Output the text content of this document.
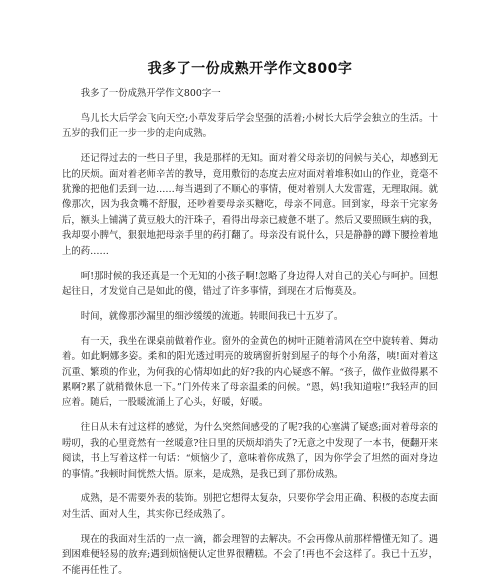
我多了一份成熟开学作文800字

我多了一份成熟开学作文800字一

鸟儿长大后学会飞向天空;小草发芽后学会坚强的活着;小树长大后学会独立的生活。十五岁的我们正一步一步的走向成熟。

还记得过去的一些日子里，我是那样的无知。面对着父母亲切的问候与关心，却感到无比的厌烦。面对着老师辛苦的教导，竟用敷衍的态度去应对面对着堆积如山的作业，竟毫不犹豫的把他们丢到一边……每当遇到了不顺心的事情，便对着别人大发雷霆，无理取闹。就像那次，因为我贪嘴不舒服，还吵着要母亲买糖吃，母亲不同意。回到家，母亲干完家务后，额头上铺满了黄豆般大的汗珠子，看得出母亲已疲惫不堪了。然后又要照顾生病的我，我却耍小脾气，狠狠地把母亲手里的药打翻了。母亲没有说什么，只是静静的蹲下腰捡着地上的药……

呵!那时候的我还真是一个无知的小孩子啊!忽略了身边得人对自己的关心与呵护。回想起往日，才发觉自己是如此的傻，错过了许多事情，到现在才后悔莫及。

时间，就像那沙漏里的细沙缓缓的流逝。转眼间我已十五岁了。

有一天，我坐在课桌前做着作业。窗外的金黄色的树叶正随着清风在空中旋转着、舞动着。如此婀娜多姿。柔和的阳光透过明亮的玻璃窗折射到屋子的每个小角落，咦!面对着这沉重、繁琐的作业，为何我的心情却如此的好?我的内心疑惑不解。“孩子，做作业做得累不累啊?累了就稍微休息一下。”门外传来了母亲温柔的问候。“恩，妈!我知道啦!”我轻声的回应着。随后，一股暖流涌上了心头，好暖，好暖。

往日从未有过这样的感觉，为什么突然间感受的了呢?我的心塞满了疑惑;面对着母亲的唠叨，我的心里竟然有一丝暖意?往日里的厌烦却消失了?无意之中发现了一本书，便翻开来阅读，书上写着这样一句话：“烦恼少了，意味着你成熟了，因为你学会了坦然的面对身边的事情。”我顿时间恍然大悟。原来，是成熟，是我已到了那份成熟。

成熟，是不需要外表的装饰。别把它想得太复杂，只要你学会用正确、积极的态度去面对生活、面对人生，其实你已经成熟了。

现在的我面对生活的一点一滴，都会理智的去解决。不会再像从前那样懵懂无知了。遇到困难便轻易的放弃;遇到烦恼便认定世界很糟糕。不会了!再也不会这样了。我已十五岁，不能再任性了。
